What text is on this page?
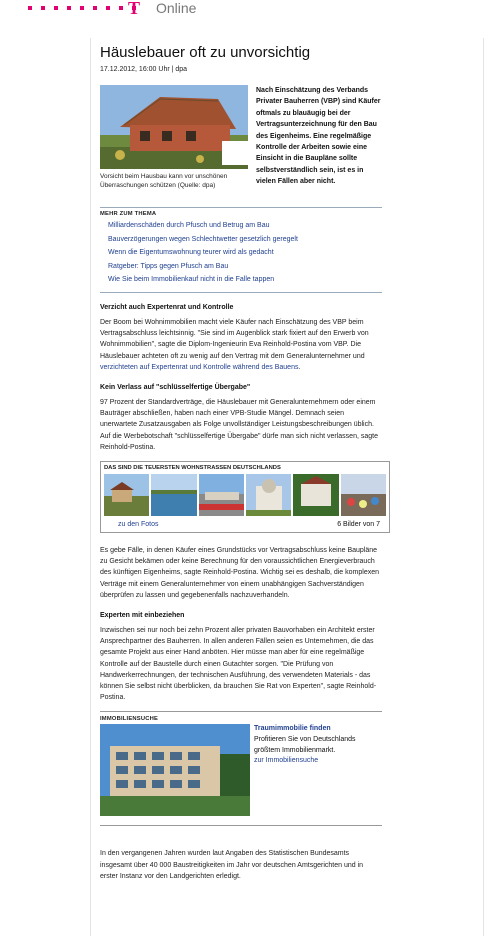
T Online
Häuslebauer oft zu unvorsichtig
17.12.2012, 16:00 Uhr | dpa
Vorsicht beim Hausbau kann vor unschönen Überraschungen schützen (Quelle: dpa)
Nach Einschätzung des Verbands Privater Bauherren (VBP) sind Käufer oftmals zu blauäugig bei der Vertragsunterzeichnung für den Bau des Eigenheims. Eine regelmäßige Kontrolle der Arbeiten sowie eine Einsicht in die Baupläne sollte selbstverständlich sein, ist es in vielen Fällen aber nicht.
MEHR ZUM THEMA
Milliardenschäden durch Pfusch und Betrug am Bau
Bauverzögerungen wegen Schlechtwetter gesetzlich geregelt
Wenn die Eigentumswohnung teurer wird als gedacht
Ratgeber: Tipps gegen Pfusch am Bau
Wie Sie beim Immobilienkauf nicht in die Falle tappen
Verzicht auch Expertenrat und Kontrolle

Der Boom bei Wohnimmobilien macht viele Käufer nach Einschätzung des VBP beim Vertragsabschluss leichtsinnig. "Sie sind im Augenblick stark fixiert auf den Erwerb von Wohnimmobilien", sagte die Diplom-Ingenieurin Eva Reinhold-Postina vom VBP. Die Häuslebauer achteten oft zu wenig auf den Vertrag mit dem Generalunternehmer und verzichteten auf Expertenrat und Kontrolle während des Bauens.

Kein Verlass auf "schlüsselfertige Übergabe"

97 Prozent der Standardverträge, die Häuslebauer mit Generalunternehmern oder einem Bauträger abschließen, haben nach einer VPB-Studie Mängel. Demnach seien unerwartete Zusatzausgaben als Folge unvollständiger Leistungsbeschreibungen üblich. Auf die Werbebotschaft "schlüsselfertige Übergabe" dürfe man sich nicht verlassen, sagte Reinhold-Postina.

DAS SIND DIE TEUERSTEN WOHNSTRASSEN DEUTSCHLANDS
zu den Fotos	6 Bilder von 7

Es gebe Fälle, in denen Käufer eines Grundstücks vor Vertragsabschluss keine Baupläne zu Gesicht bekämen oder keine Berechnung für den voraussichtlichen Energieverbrauch des künftigen Eigenheims, sagte Reinhold-Postina. Wichtig sei es deshalb, die komplexen Verträge mit einem Generalunternehmer von einem unabhängigen Sachverständigen überprüfen zu lassen und gegebenenfalls nachzuverhandeln.

Experten mit einbeziehen

Inzwischen sei nur noch bei zehn Prozent aller privaten Bauvorhaben ein Architekt erster Ansprechpartner des Bauherren. In allen anderen Fällen seien es Unternehmen, die das gesamte Projekt aus einer Hand anböten. Hier müsse man aber für eine regelmäßige Kontrolle auf der Baustelle durch einen Gutachter sorgen. "Die Prüfung von Handwerkerrechnungen, der technischen Ausführung, des verwendeten Materials - das können Sie selbst nicht überblicken, da brauchen Sie Rat von Experten", sagte Reinhold-Postina.

IMMOBILIENSUCHE
Traumimmobilie finden
Profitieren Sie von Deutschlands größtem Immobilienmarkt.
zur Immobiliensuche

In den vergangenen Jahren wurden laut Angaben des Statistischen Bundesamts insgesamt über 40 000 Baustreitigkeiten im Jahr vor deutschen Amtsgerichten und in erster Instanz vor den Landgerichten erledigt.
